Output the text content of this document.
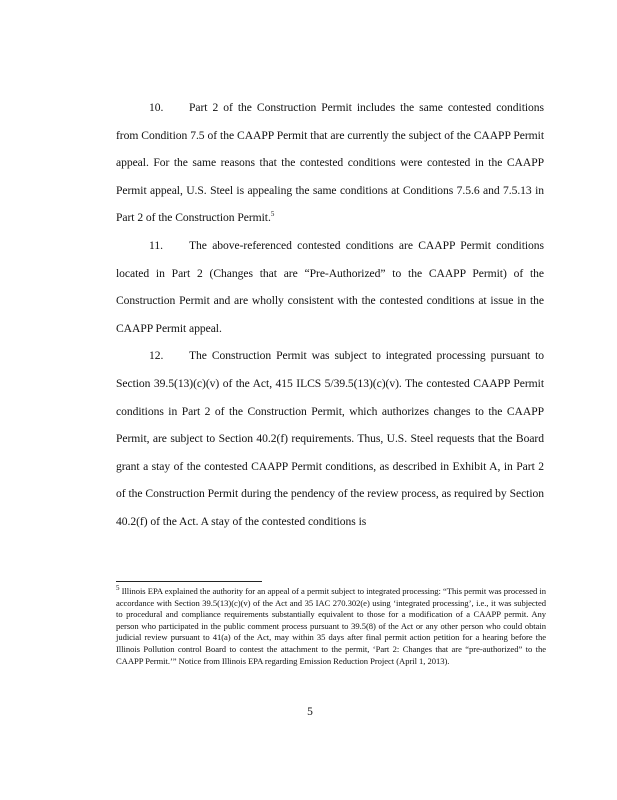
10. Part 2 of the Construction Permit includes the same contested conditions from Condition 7.5 of the CAAPP Permit that are currently the subject of the CAAPP Permit appeal. For the same reasons that the contested conditions were contested in the CAAPP Permit appeal, U.S. Steel is appealing the same conditions at Conditions 7.5.6 and 7.5.13 in Part 2 of the Construction Permit.$^5$

11. The above-referenced contested conditions are CAAPP Permit conditions located in Part 2 (Changes that are “Pre-Authorized” to the CAAPP Permit) of the Construction Permit and are wholly consistent with the contested conditions at issue in the CAAPP Permit appeal.

12. The Construction Permit was subject to integrated processing pursuant to Section 39.5(13)(c)(v) of the Act, 415 ILCS 5/39.5(13)(c)(v). The contested CAAPP Permit conditions in Part 2 of the Construction Permit, which authorizes changes to the CAAPP Permit, are subject to Section 40.2(f) requirements. Thus, U.S. Steel requests that the Board grant a stay of the contested CAAPP Permit conditions, as described in Exhibit A, in Part 2 of the Construction Permit during the pendency of the review process, as required by Section 40.2(f) of the Act. A stay of the contested conditions is

$^5$ Illinois EPA explained the authority for an appeal of a permit subject to integrated processing: “This permit was processed in accordance with Section 39.5(13)(c)(v) of the Act and 35 IAC 270.302(e) using ‘integrated processing’, i.e., it was subjected to procedural and compliance requirements substantially equivalent to those for a modification of a CAAPP permit. Any person who participated in the public comment process pursuant to 39.5(8) of the Act or any other person who could obtain judicial review pursuant to 41(a) of the Act, may within 35 days after final permit action petition for a hearing before the Illinois Pollution control Board to contest the attachment to the permit, ‘Part 2: Changes that are “pre-authorized” to the CAAPP Permit.’” Notice from Illinois EPA regarding Emission Reduction Project (April 1, 2013).

5
